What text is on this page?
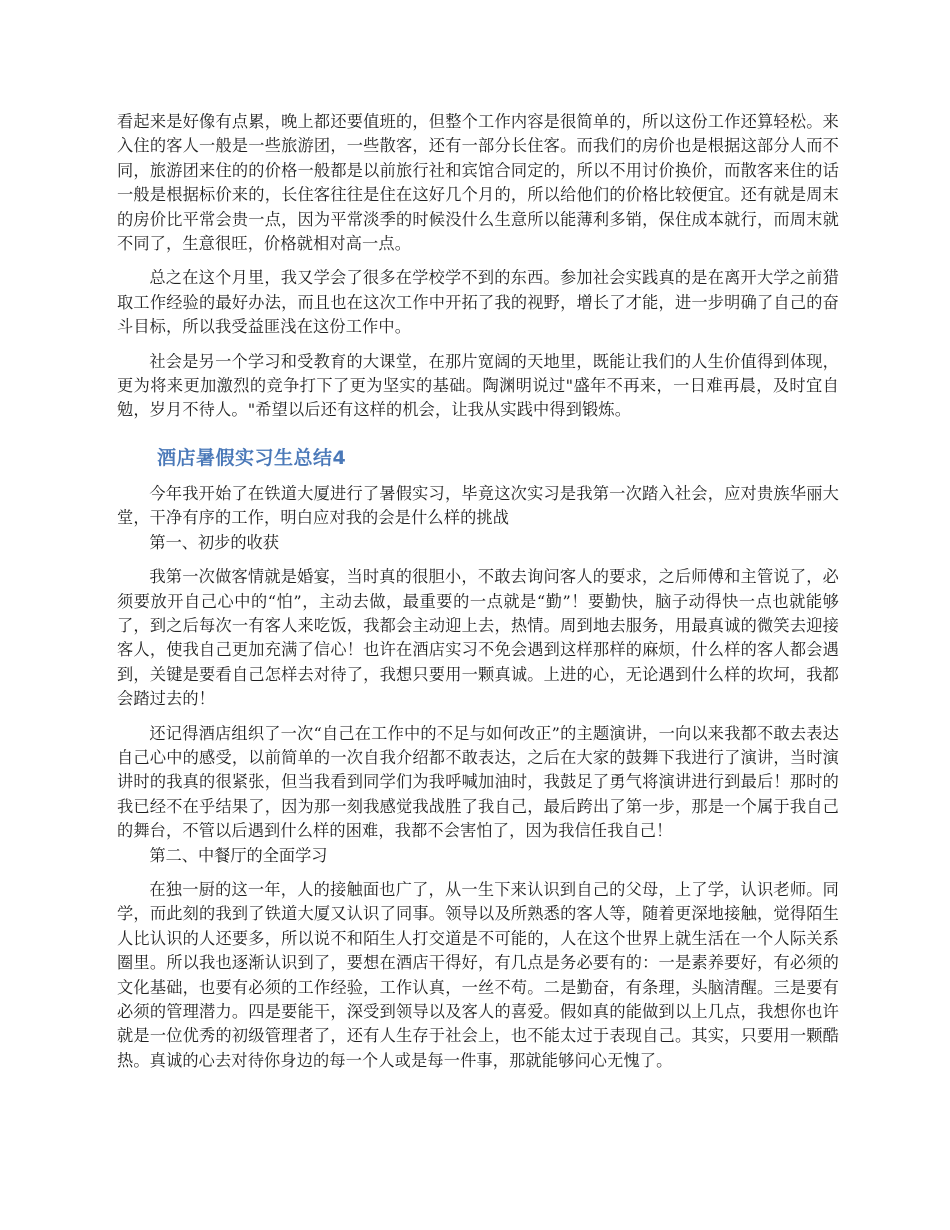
看起来是好像有点累，晚上都还要值班的，但整个工作内容是很简单的，所以这份工作还算轻松。来入住的客人一般是一些旅游团，一些散客，还有一部分长住客。而我们的房价也是根据这部分人而不同，旅游团来住的的价格一般都是以前旅行社和宾馆合同定的，所以不用讨价换价，而散客来住的话一般是根据标价来的，长住客往往是住在这好几个月的，所以给他们的价格比较便宜。还有就是周末的房价比平常会贵一点，因为平常淡季的时候没什么生意所以能薄利多销，保住成本就行，而周末就不同了，生意很旺，价格就相对高一点。

总之在这个月里，我又学会了很多在学校学不到的东西。参加社会实践真的是在离开大学之前猎取工作经验的最好办法，而且也在这次工作中开拓了我的视野，增长了才能，进一步明确了自己的奋斗目标，所以我受益匪浅在这份工作中。

社会是另一个学习和受教育的大课堂，在那片宽阔的天地里，既能让我们的人生价值得到体现，更为将来更加激烈的竞争打下了更为坚实的基础。陶渊明说过"盛年不再来，一日难再晨，及时宜自勉，岁月不待人。"希望以后还有这样的机会，让我从实践中得到锻炼。

酒店暑假实习生总结4

今年我开始了在铁道大厦进行了暑假实习，毕竟这次实习是我第一次踏入社会，应对贵族华丽大堂，干净有序的工作，明白应对我的会是什么样的挑战

第一、初步的收获

我第一次做客情就是婚宴，当时真的很胆小，不敢去询问客人的要求，之后师傅和主管说了，必须要放开自己心中的“怕”，主动去做，最重要的一点就是“勤”！要勤快，脑子动得快一点也就能够了，到之后每次一有客人来吃饭，我都会主动迎上去，热情。周到地去服务，用最真诚的微笑去迎接客人，使我自己更加充满了信心！也许在酒店实习不免会遇到这样那样的麻烦，什么样的客人都会遇到，关键是要看自己怎样去对待了，我想只要用一颗真诚。上进的心，无论遇到什么样的坎坷，我都会踏过去的！

还记得酒店组织了一次“自己在工作中的不足与如何改正”的主题演讲，一向以来我都不敢去表达自己心中的感受，以前简单的一次自我介绍都不敢表达，之后在大家的鼓舞下我进行了演讲，当时演讲时的我真的很紧张，但当我看到同学们为我呼喊加油时，我鼓足了勇气将演讲进行到最后！那时的我已经不在乎结果了，因为那一刻我感觉我战胜了我自己，最后跨出了第一步，那是一个属于我自己的舞台，不管以后遇到什么样的困难，我都不会害怕了，因为我信任我自己！

第二、中餐厅的全面学习

在独一厨的这一年，人的接触面也广了，从一生下来认识到自己的父母，上了学，认识老师。同学，而此刻的我到了铁道大厦又认识了同事。领导以及所熟悉的客人等，随着更深地接触，觉得陌生人比认识的人还要多，所以说不和陌生人打交道是不可能的，人在这个世界上就生活在一个人际关系圈里。所以我也逐渐认识到了，要想在酒店干得好，有几点是务必要有的：一是素养要好，有必须的文化基础，也要有必须的工作经验，工作认真，一丝不苟。二是勤奋，有条理，头脑清醒。三是要有必须的管理潜力。四是要能干，深受到领导以及客人的喜爱。假如真的能做到以上几点，我想你也许就是一位优秀的初级管理者了，还有人生存于社会上，也不能太过于表现自己。其实，只要用一颗酷热。真诚的心去对待你身边的每一个人或是每一件事，那就能够问心无愧了。
